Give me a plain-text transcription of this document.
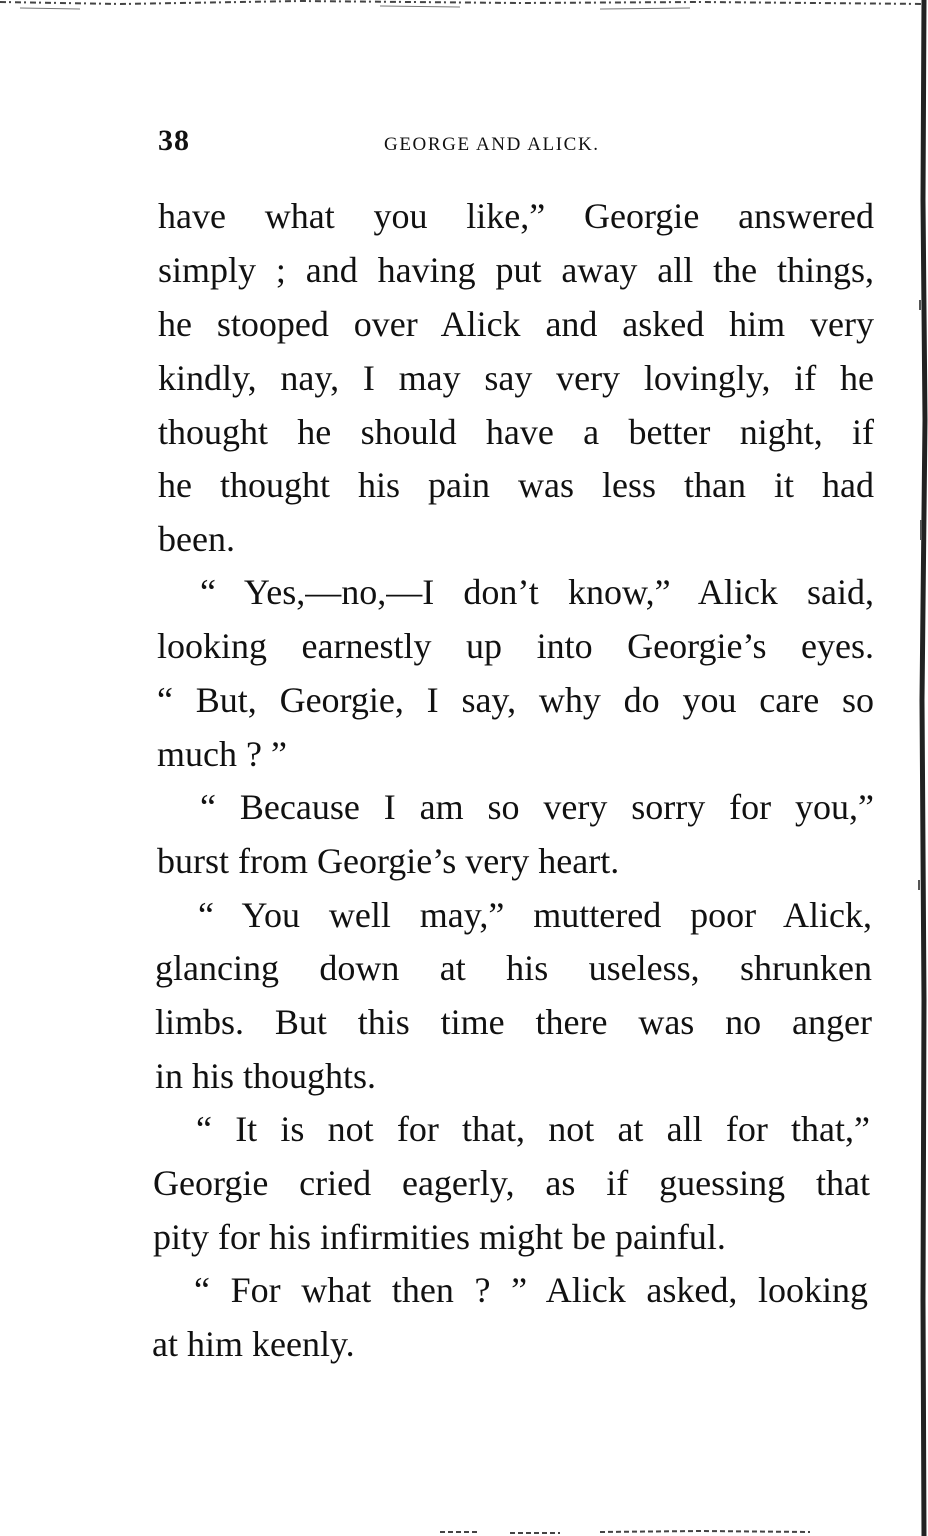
38	GEORGE AND ALICK.
have what you like,” Georgie answered
simply ; and having put away all the things,
he stooped over Alick and asked him very
kindly, nay, I may say very lovingly, if he
thought he should have a better night, if
he thought his pain was less than it had
been.
“ Yes,—no,—I don’t know,” Alick said,
looking earnestly up into Georgie’s eyes.
“ But, Georgie, I say, why do you care so
much ? ”
“ Because I am so very sorry for you,”
burst from Georgie’s very heart.
“ You well may,” muttered poor Alick,
glancing down at his useless, shrunken
limbs. But this time there was no anger
in his thoughts.
“ It is not for that, not at all for that,”
Georgie cried eagerly, as if guessing that
pity for his infirmities might be painful.
“ For what then ? ” Alick asked, looking
at him keenly.
